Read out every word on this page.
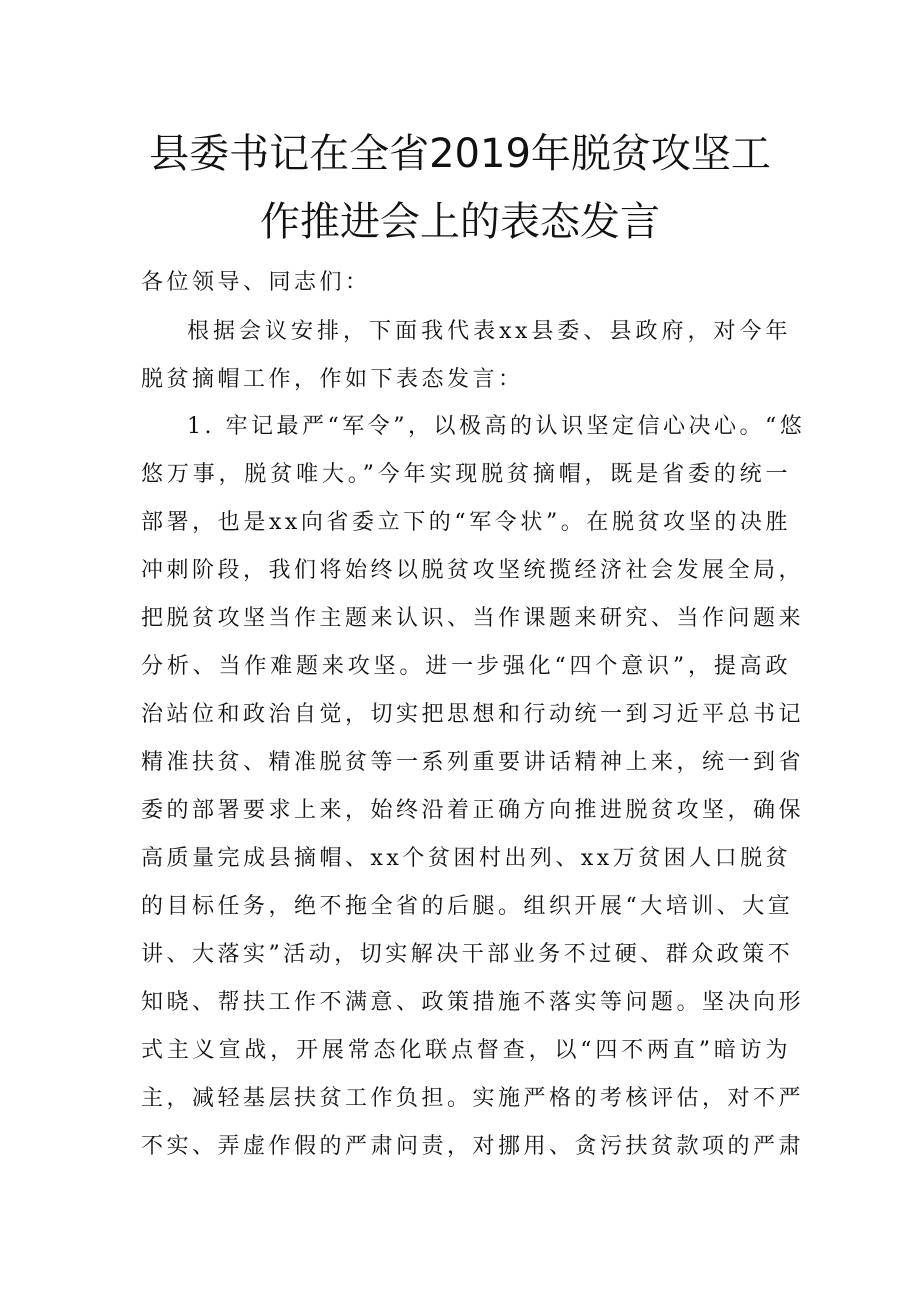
县委书记在全省2019年脱贫攻坚工
作推进会上的表态发言
各位领导、同志们：
根据会议安排，下面我代表xx县委、县政府，对今年
脱贫摘帽工作，作如下表态发言：
1. 牢记最严“军令”，以极高的认识坚定信心决心。“悠
悠万事，脱贫唯大。”今年实现脱贫摘帽，既是省委的统一
部署，也是xx向省委立下的“军令状”。在脱贫攻坚的决胜
冲刺阶段，我们将始终以脱贫攻坚统揽经济社会发展全局，
把脱贫攻坚当作主题来认识、当作课题来研究、当作问题来
分析、当作难题来攻坚。进一步强化“四个意识”，提高政
治站位和政治自觉，切实把思想和行动统一到习近平总书记
精准扶贫、精准脱贫等一系列重要讲话精神上来，统一到省
委的部署要求上来，始终沿着正确方向推进脱贫攻坚，确保
高质量完成县摘帽、xx个贫困村出列、xx万贫困人口脱贫
的目标任务，绝不拖全省的后腿。组织开展“大培训、大宣
讲、大落实”活动，切实解决干部业务不过硬、群众政策不
知晓、帮扶工作不满意、政策措施不落实等问题。坚决向形
式主义宣战，开展常态化联点督查，以“四不两直”暗访为
主，减轻基层扶贫工作负担。实施严格的考核评估，对不严
不实、弄虚作假的严肃问责，对挪用、贪污扶贫款项的严肃
